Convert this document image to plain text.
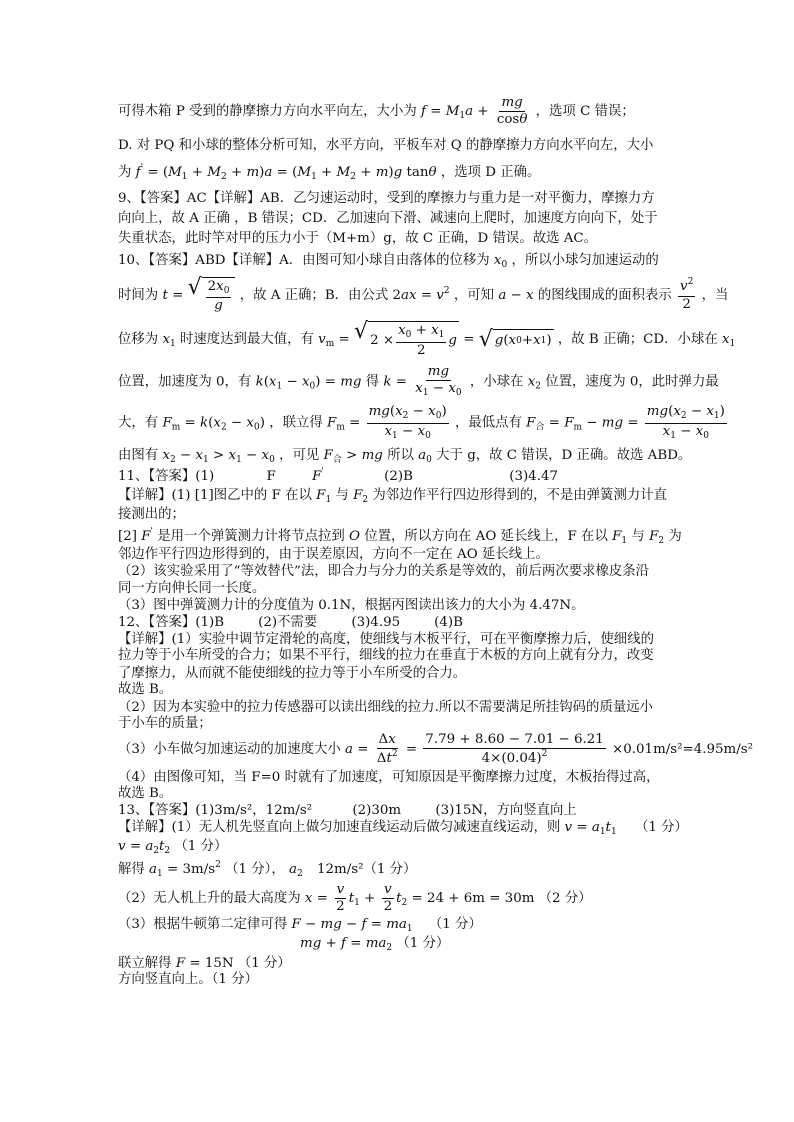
可得木箱 P 受到的静摩擦力方向水平向左，大小为 $f = M_1a + \frac{mg}{\cos\theta}$ ，选项 C 错误；
D. 对 PQ 和小球的整体分析可知，水平方向，平板车对 Q 的静摩擦力方向水平向左，大小
为 $f' = (M_1 + M_2 + m)a = (M_1 + M_2 + m)g$ tanθ ，选项 D 正确。
9、【答案】AC【详解】AB．乙匀速运动时，受到的摩擦力与重力是一对平衡力，摩擦力方
向向上，故 A 正确 ，B 错误；CD．乙加速向下滑、减速向上爬时，加速度方向向下，处于
失重状态，此时竿对甲的压力小于（M+m）g，故 C 正确，D 错误。故选 AC。
10、【答案】ABD【详解】A．由图可知小球自由落体的位移为 $x_0$ ，所以小球匀加速运动的
时间为 t = √ $\frac{2x_0}{g}$ ，故 A 正确；B．由公式 $2ax = v^2$ ，可知 a − x 的图线围成的面积表示 $\frac{v^2}{2}$ ，当
位移为 $x_1$ 时速度达到最大值，有 $v_m$ = √ $2 \times \frac{x_0 + x_1}{2}$ g = √ g ( x 0 + x 1 ) ，故 B 正确；CD．小球在 $x_1$
位置，加速度为 0，有 $k(x_1 - x_0)$ = mg 得 $k = \frac{mg}{x_1 - x_0}$ ，小球在 $x_2$ 位置，速度为 0，此时弹力最
大，有 $F_m = k(x_2 - x_0)$ ，联立得 $F_m = \frac{mg(x_2 - x_0)}{x_1 - x_0}$ ，最低点有 $F_合 = F_m$ − mg = $\frac{mg(x_2 - x_1)}{x_1 - x_0}$
由图有 $x_2 - x_1 > x_1 - x_0$ ，可见 $F_合$ > mg 所以 $a_0$ 大于 g，故 C 错误，D 正确。故选 ABD。
11、【答案】(1)	F	F'	(2)B	(3)4.47
【详解】(1) [1]图乙中的 F 在以 $F_1$ 与 $F_2$ 为邻边作平行四边形得到的，不是由弹簧测力计直
接测出的；
[2] F' 是用一个弹簧测力计将节点拉到 O 位置，所以方向在 AO 延长线上，F 在以 $F_1$ 与 $F_2$ 为
邻边作平行四边形得到的，由于误差原因，方向不一定在 AO 延长线上。
（2）该实验采用了“等效替代”法，即合力与分力的关系是等效的，前后两次要求橡皮条沿
同一方向伸长同一长度。
（3）图中弹簧测力计的分度值为 0.1N，根据丙图读出该力的大小为 4.47N。
12、【答案】(1)B        (2)不需要        (3)4.95        (4)B
【详解】(1）实验中调节定滑轮的高度，使细线与木板平行，可在平衡摩擦力后，使细线的
拉力等于小车所受的合力；如果不平行，细线的拉力在垂直于木板的方向上就有分力，改变
了摩擦力，从而就不能使细线的拉力等于小车所受的合力。
故选 B。
（2）因为本实验中的拉力传感器可以读出细线的拉力.所以不需要满足所挂钩码的质量远小
于小车的质量；
（3）小车做匀加速运动的加速度大小 $a = \frac{\Delta x}{\Delta t^2} = \frac{7.79 + 8.60 - 7.01 - 6.21}{4\times(0.04)^2} \times 0.01m/s^2=4.95m/s^2$
（4）由图像可知，当 F=0 时就有了加速度，可知原因是平衡摩擦力过度，木板抬得过高，
故选 B。
13、【答案】(1)3m/s²，12m/s²	(2)30m	(3)15N，方向竖直向上
【详解】(1）无人机先竖直向上做匀加速直线运动后做匀减速直线运动，则 $v = a_1t_1$ （1 分）
$v = a_2t_2$ （1 分）
解得 $a_1 = 3m/s^2$ （1 分）， $a_2$ 12m/s²（1 分）
（2）无人机上升的最大高度为 $x = \frac{v}{2} t_1 + \frac{v}{2} t_2 = 24 + 6m = 30m$ （2 分）
（3）根据牛顿第二定律可得 F − mg − $f = ma_1$ （1 分）
mg + $f = ma_2$ （1 分）
联立解得 F = 15N （1 分）
方向竖直向上。（1 分）
